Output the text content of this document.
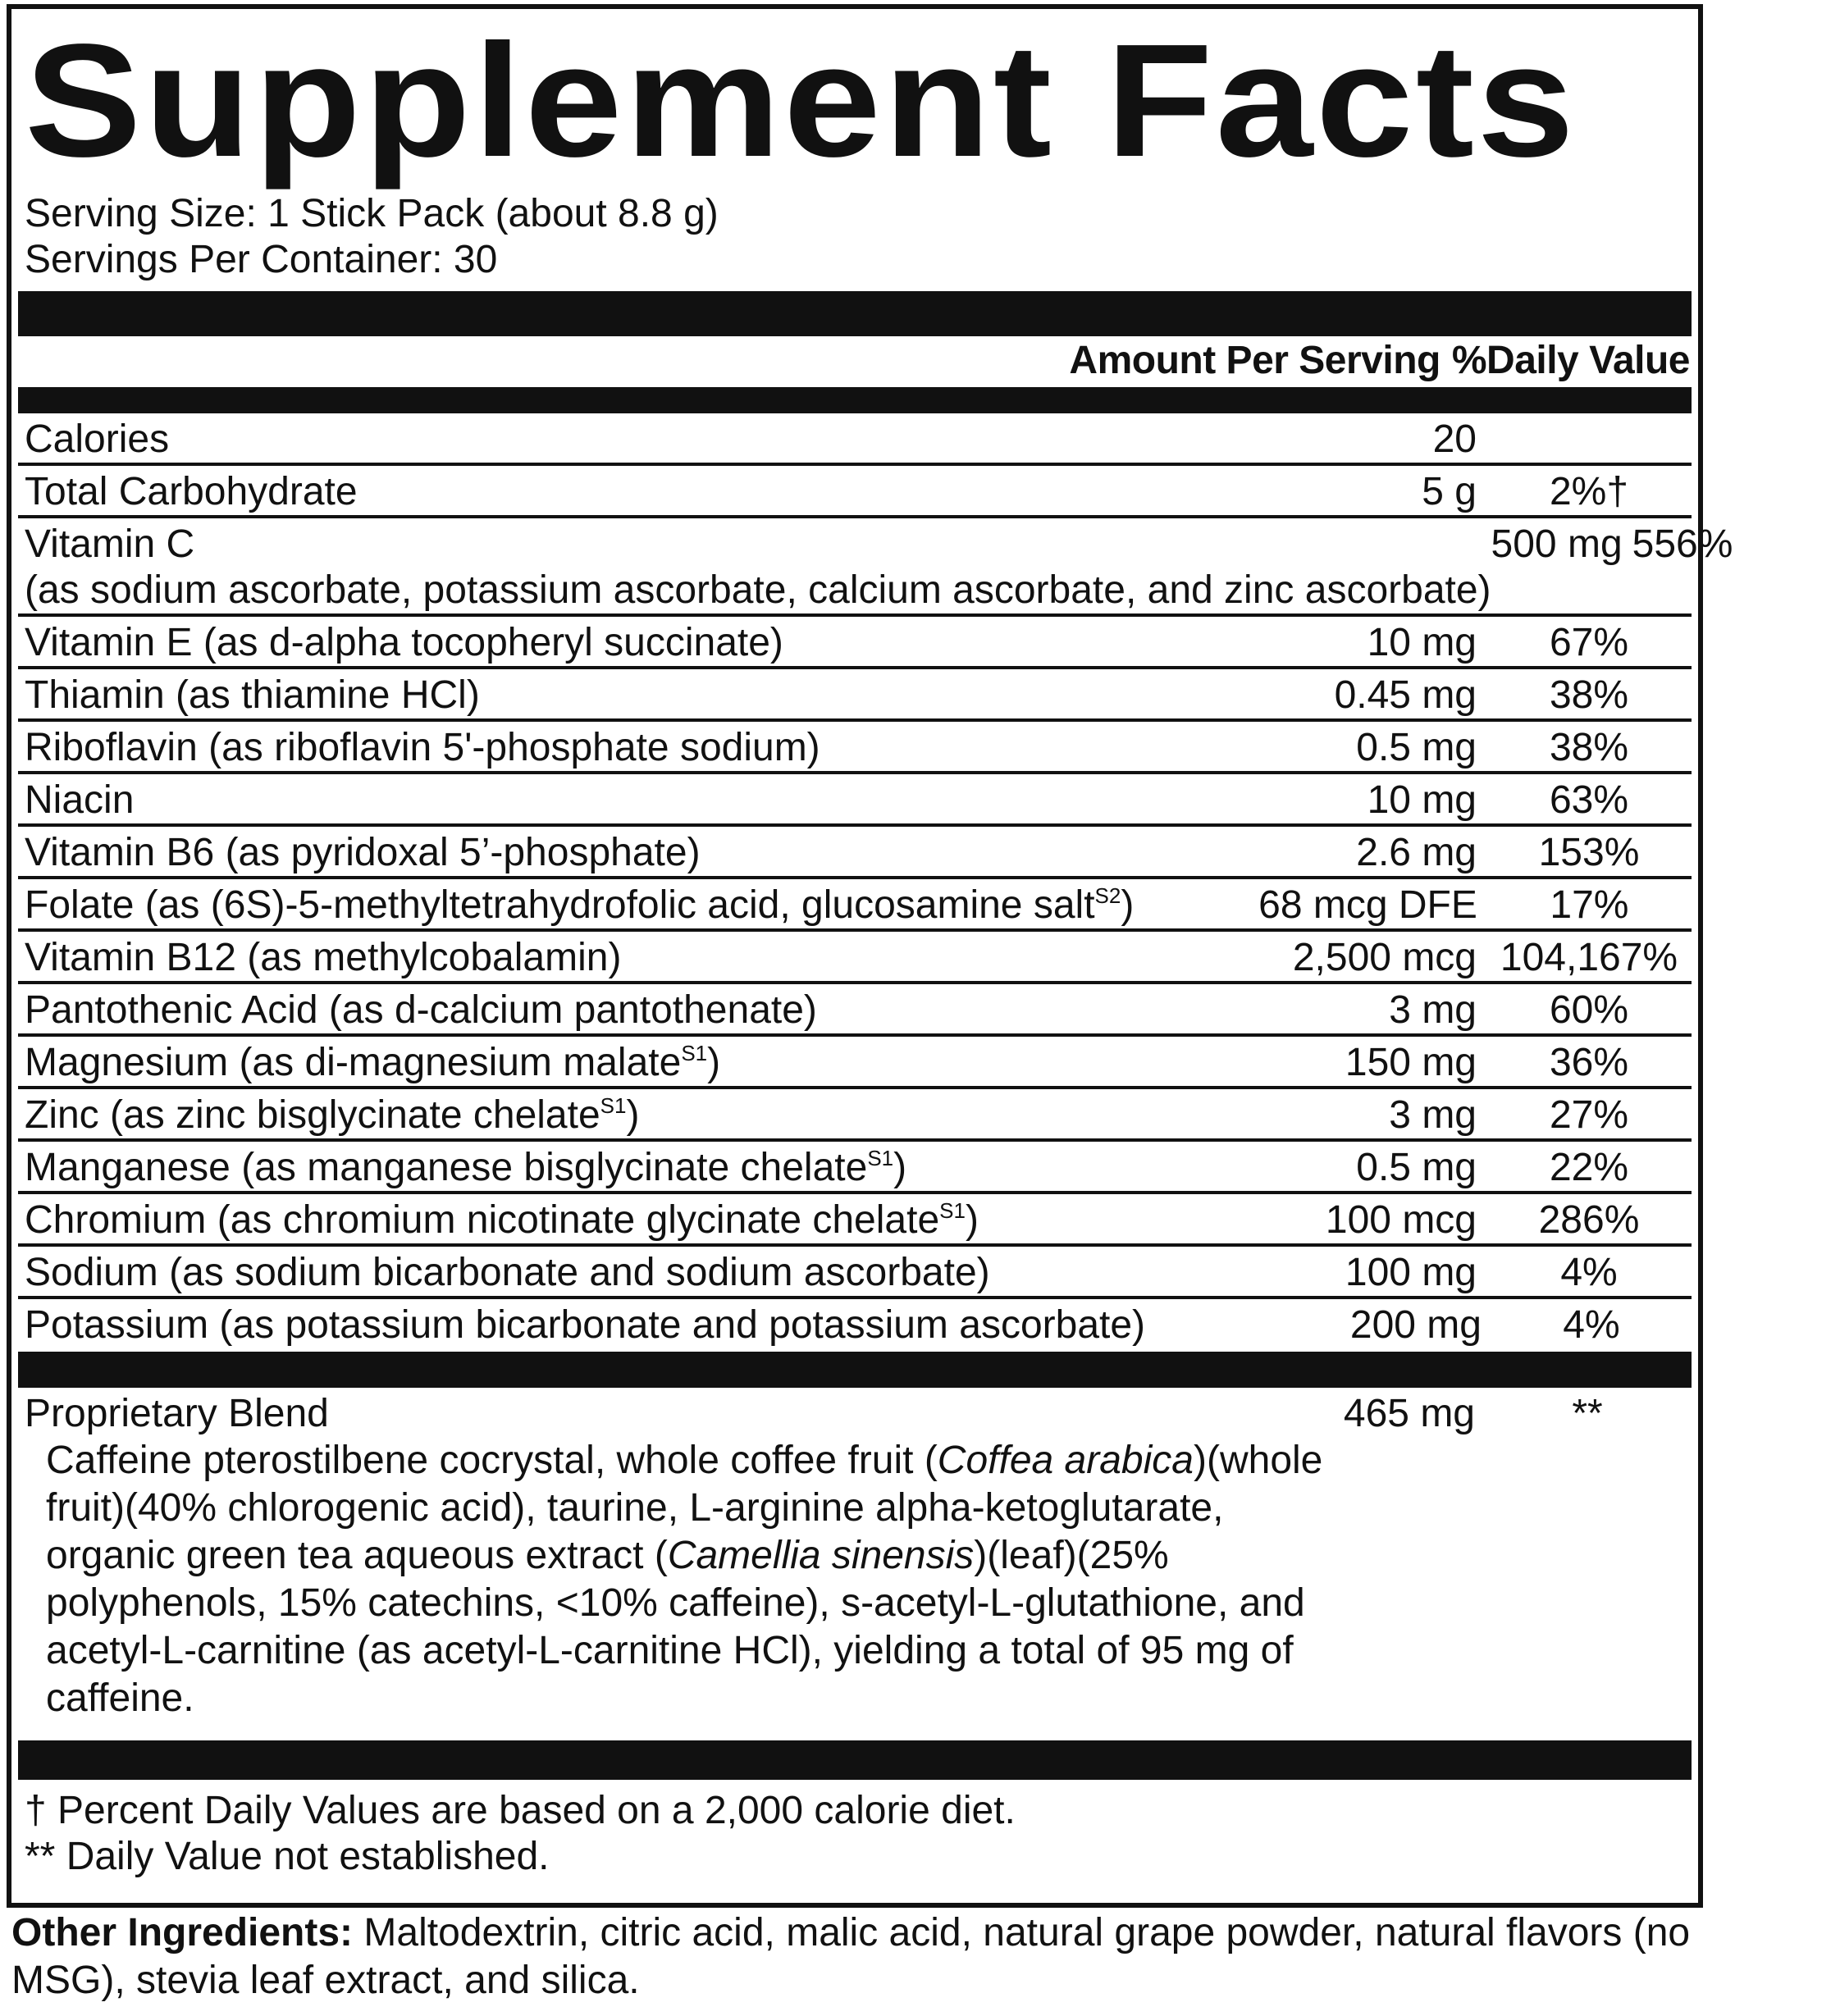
Supplement Facts
Serving Size: 1 Stick Pack (about 8.8 g)
Servings Per Container: 30
Amount Per Serving %Daily Value
Calories	20
Total Carbohydrate	5 g	2%†
Vitamin C
(as sodium ascorbate, potassium ascorbate, calcium ascorbate, and zinc ascorbate)
500 mg 556%
Vitamin E (as d-alpha tocopheryl succinate)	10 mg	67%
Thiamin (as thiamine HCl)	0.45 mg	38%
Riboflavin (as riboflavin 5'-phosphate sodium)	0.5 mg	38%
Niacin	10 mg	63%
Vitamin B6 (as pyridoxal 5’-phosphate)	2.6 mg	153%
Folate (as (6S)-5-methyltetrahydrofolic acid, glucosamine salt$^{S2}$)	68 mcg DFE	17%
Vitamin B12 (as methylcobalamin)	2,500 mcg 104,167%
Pantothenic Acid (as d-calcium pantothenate)	3 mg	60%
Magnesium (as di-magnesium malate$^{S1}$)	150 mg	36%
Zinc (as zinc bisglycinate chelate$^{S1}$)	3 mg	27%
Manganese (as manganese bisglycinate chelate$^{S1}$)	0.5 mg	22%
Chromium (as chromium nicotinate glycinate chelate$^{S1}$)	100 mcg	286%
Sodium (as sodium bicarbonate and sodium ascorbate)	100 mg	4%
Potassium (as potassium bicarbonate and potassium ascorbate)	200 mg	4%
Proprietary Blend	465 mg	**
Caffeine pterostilbene cocrystal, whole coffee fruit (Coffea arabica)(whole fruit)(40% chlorogenic acid), taurine, L-arginine alpha-ketoglutarate, organic green tea aqueous extract (Camellia sinensis)(leaf)(25% polyphenols, 15% catechins, <10% caffeine), s-acetyl-L-glutathione, and acetyl-L-carnitine (as acetyl-L-carnitine HCl), yielding a total of 95 mg of caffeine.
† Percent Daily Values are based on a 2,000 calorie diet.
** Daily Value not established.
Other Ingredients: Maltodextrin, citric acid, malic acid, natural grape powder, natural flavors (no MSG), stevia leaf extract, and silica.
